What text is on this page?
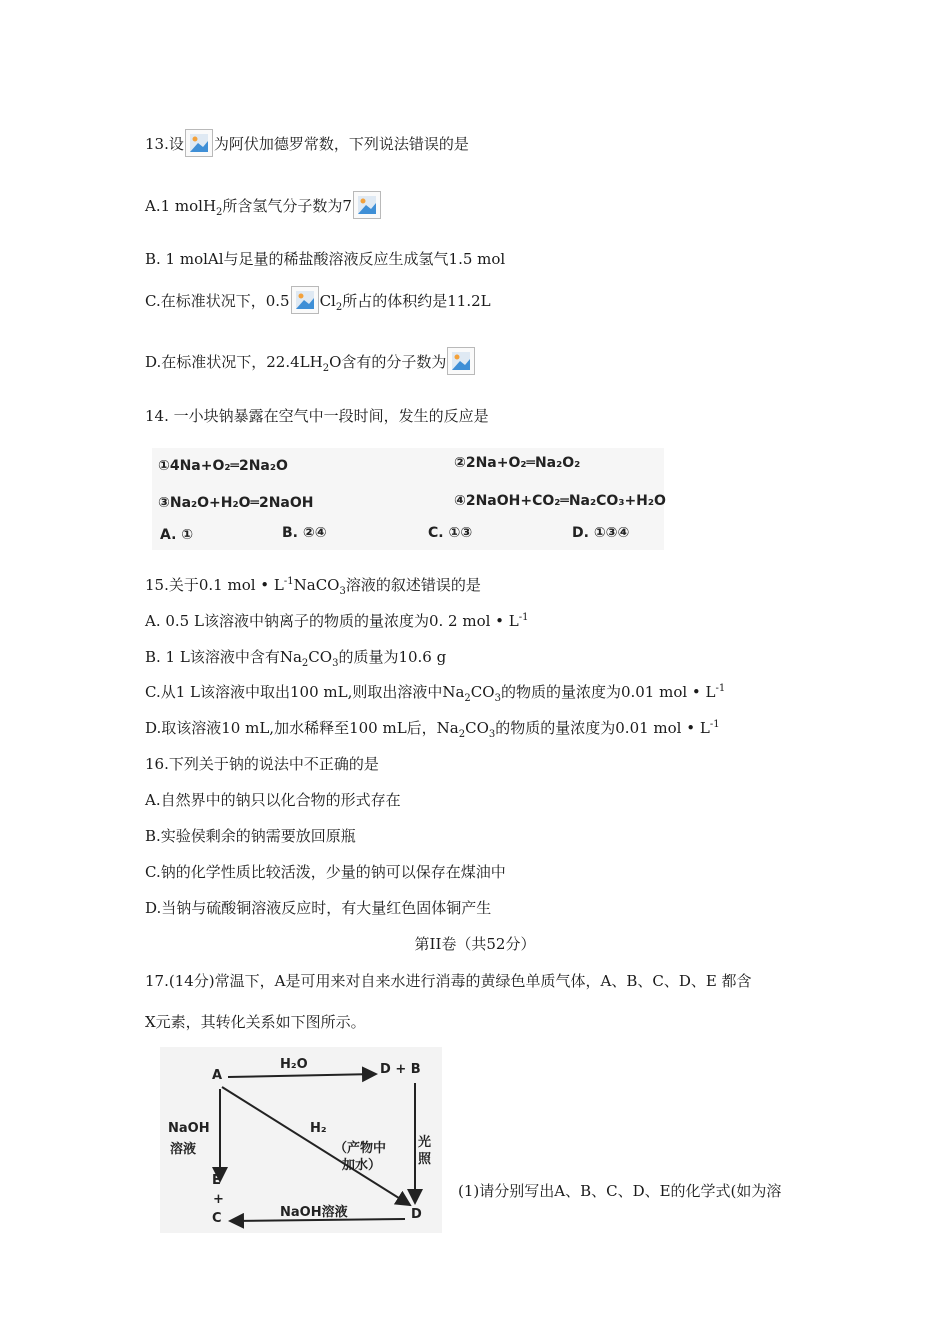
13.设 为阿伏加德罗常数，下列说法错误的是
A.1 molH$_2$所含氢气分子数为7
B. 1 molAl与足量的稀盐酸溶液反应生成氢气1.5 mol
C.在标准状况下，0.5 $Cl_2$所占的体积约是11.2L
D.在标准状况下，$22.4LH_2O$含有的分子数为
14. 一小块钠暴露在空气中一段时间，发生的反应是
①4Na+O₂═2Na₂O	②2Na+O₂═Na₂O₂
③Na₂O+H₂O═2NaOH	④2NaOH+CO₂═Na₂CO₃+H₂O
A. ①	B. ②④	C. ①③	D. ①③④
15.关于0.1 mol • $L^{-1}NaCO_3$溶液的叙述错误的是
A. 0.5 L该溶液中钠离子的物质的量浓度为0. 2 mol • $L^{-1}$
B. 1 L该溶液中含有$Na_2CO_3$的质量为10.6 g
C.从1 L该溶液中取出100 mL,则取出溶液中$Na_2CO_3$的物质的量浓度为0.01 mol • $L^{-1}$
D.取该溶液10 mL,加水稀释至100 mL后，$Na_2CO_3$的物质的量浓度为0.01 mol • $L^{-1}$
16.下列关于钠的说法中不正确的是
A.自然界中的钠只以化合物的形式存在
B.实验侯剩余的钠需要放回原瓶
C.钠的化学性质比较活泼，少量的钠可以保存在煤油中
D.当钠与硫酸铜溶液反应时，有大量红色固体铜产生
第II卷（共52分）
17.(14分)常温下，A是可用来对自来水进行消毒的黄绿色单质气体，A、B、C、D、E 都含
X元素，其转化关系如下图所示。
A	D + B
H₂O
NaOH
溶液
H₂
（产物中
加水）
光
照
E
+
C	NaOH溶液	D
(1)请分别写出A、B、C、D、E的化学式(如为溶
